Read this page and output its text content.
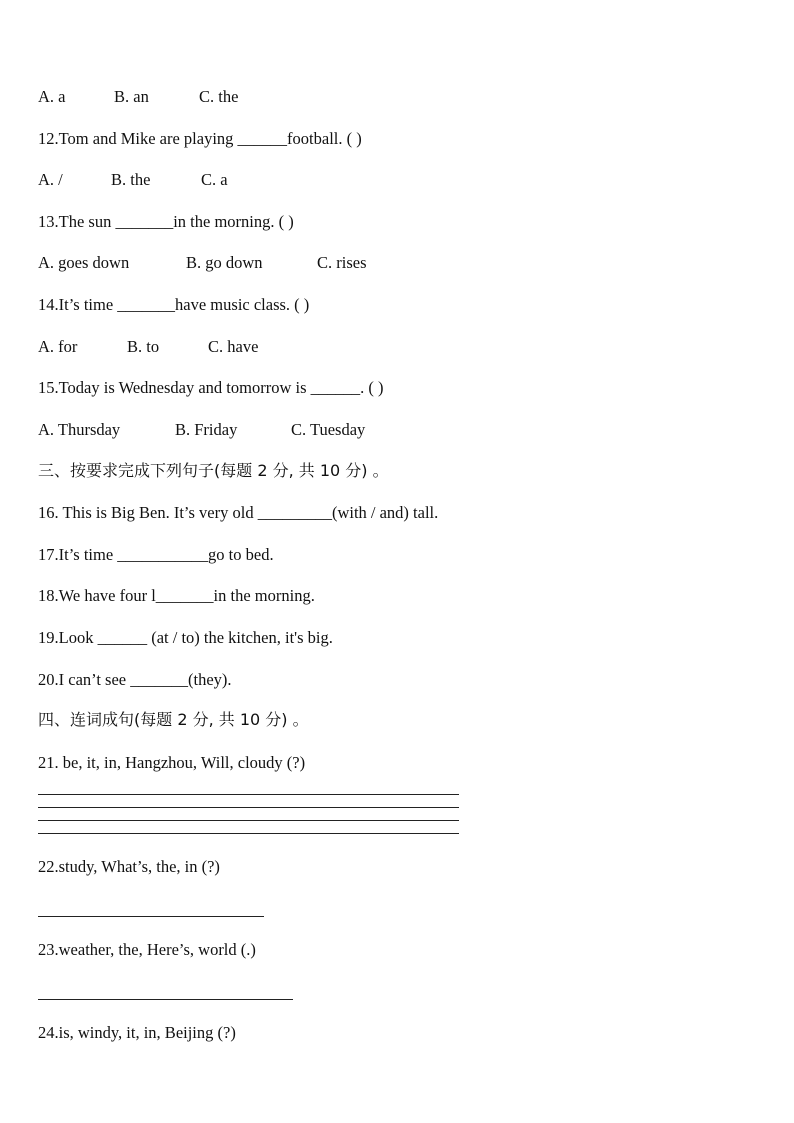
A. a	B. an	C. the
12.Tom and Mike are playing ______football. ( )
A. /	B. the	C. a
13.The sun _______in the morning. ( )
A. goes down	B. go down	C. rises
14.It’s time _______have music class. ( )
A. for	B. to	C. have
15.Today is Wednesday and tomorrow is ______. ( )
A. Thursday	B. Friday	C. Tuesday
三、按要求完成下列句子(每题 2 分, 共 10 分) 。
16. This is Big Ben. It’s very old _________(with / and) tall.
17.It’s time ___________go to bed.
18.We have four l_______in the morning.
19.Look ______ (at / to) the kitchen, it's big.
20.I can’t see _______(they).
四、连词成句(每题 2 分, 共 10 分) 。
21. be, it, in, Hangzhou, Will, cloudy (?)
22.study, What’s, the, in (?)
23.weather, the, Here’s, world (.)
24.is, windy, it, in, Beijing (?)
